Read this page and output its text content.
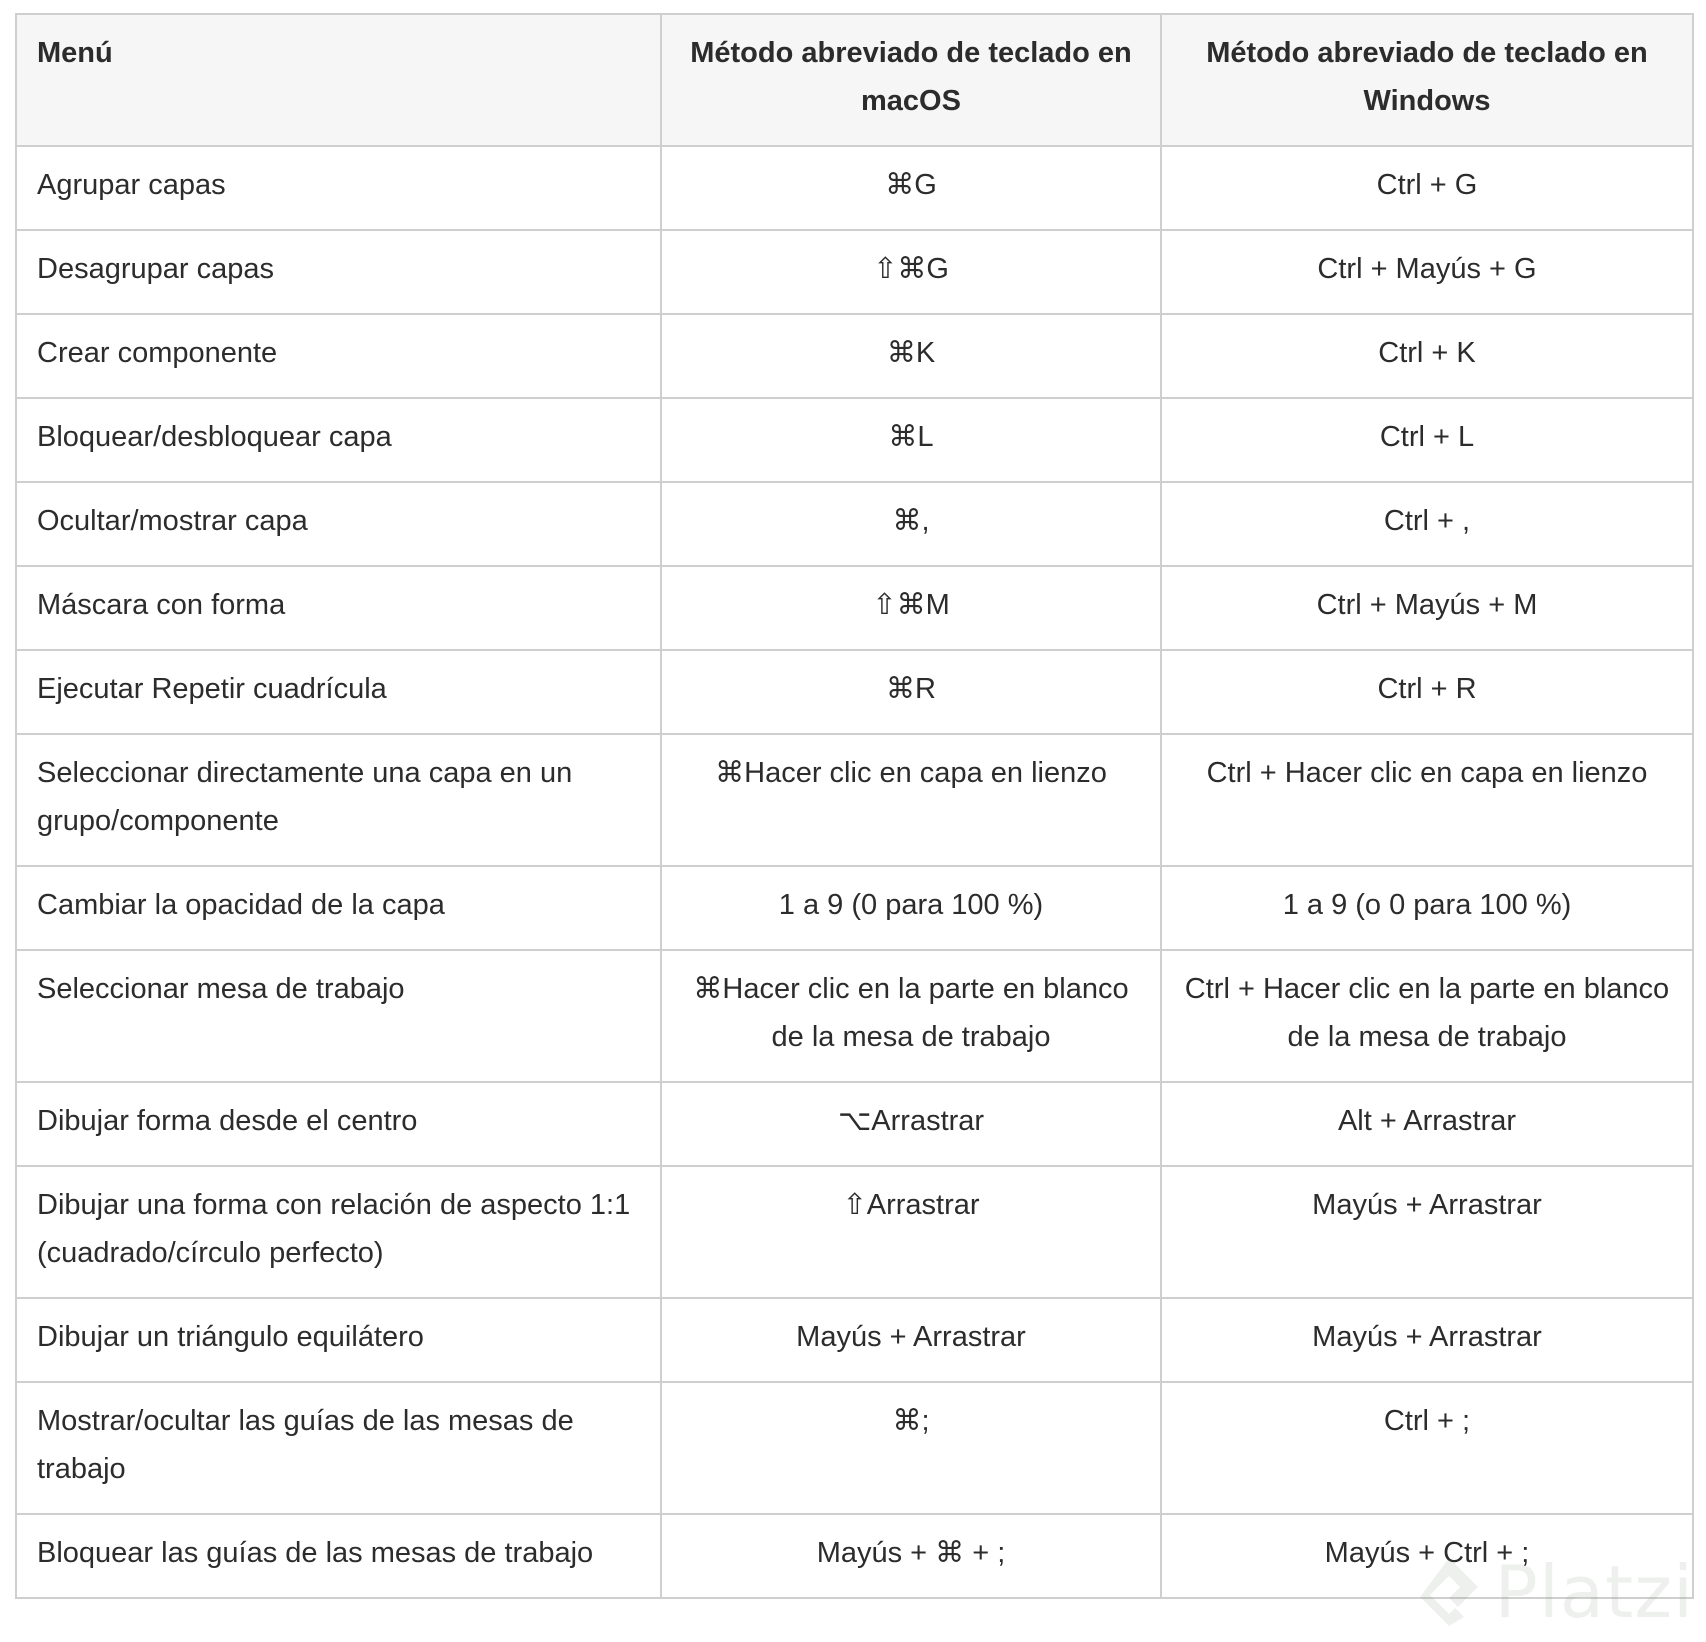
Menú	Método abreviado de teclado en macOS	Método abreviado de teclado en Windows
Agrupar capas	⌘G	Ctrl + G
Desagrupar capas	⇧⌘G	Ctrl + Mayús + G
Crear componente	⌘K	Ctrl + K
Bloquear/desbloquear capa	⌘L	Ctrl + L
Ocultar/mostrar capa	⌘,	Ctrl + ,
Máscara con forma	⇧⌘M	Ctrl + Mayús + M
Ejecutar Repetir cuadrícula	⌘R	Ctrl + R
Seleccionar directamente una capa en un grupo/componente	⌘Hacer clic en capa en lienzo	Ctrl + Hacer clic en capa en lienzo
Cambiar la opacidad de la capa	1 a 9 (0 para 100 %)	1 a 9 (o 0 para 100 %)
Seleccionar mesa de trabajo	⌘Hacer clic en la parte en blanco de la mesa de trabajo	Ctrl + Hacer clic en la parte en blanco de la mesa de trabajo
Dibujar forma desde el centro	⌥Arrastrar	Alt + Arrastrar
Dibujar una forma con relación de aspecto 1:1 (cuadrado/círculo perfecto)	⇧Arrastrar	Mayús + Arrastrar
Dibujar un triángulo equilátero	Mayús + Arrastrar	Mayús + Arrastrar
Mostrar/ocultar las guías de las mesas de trabajo	⌘;	Ctrl + ;
Bloquear las guías de las mesas de trabajo	Mayús + ⌘ + ;	Mayús + Ctrl + ;
